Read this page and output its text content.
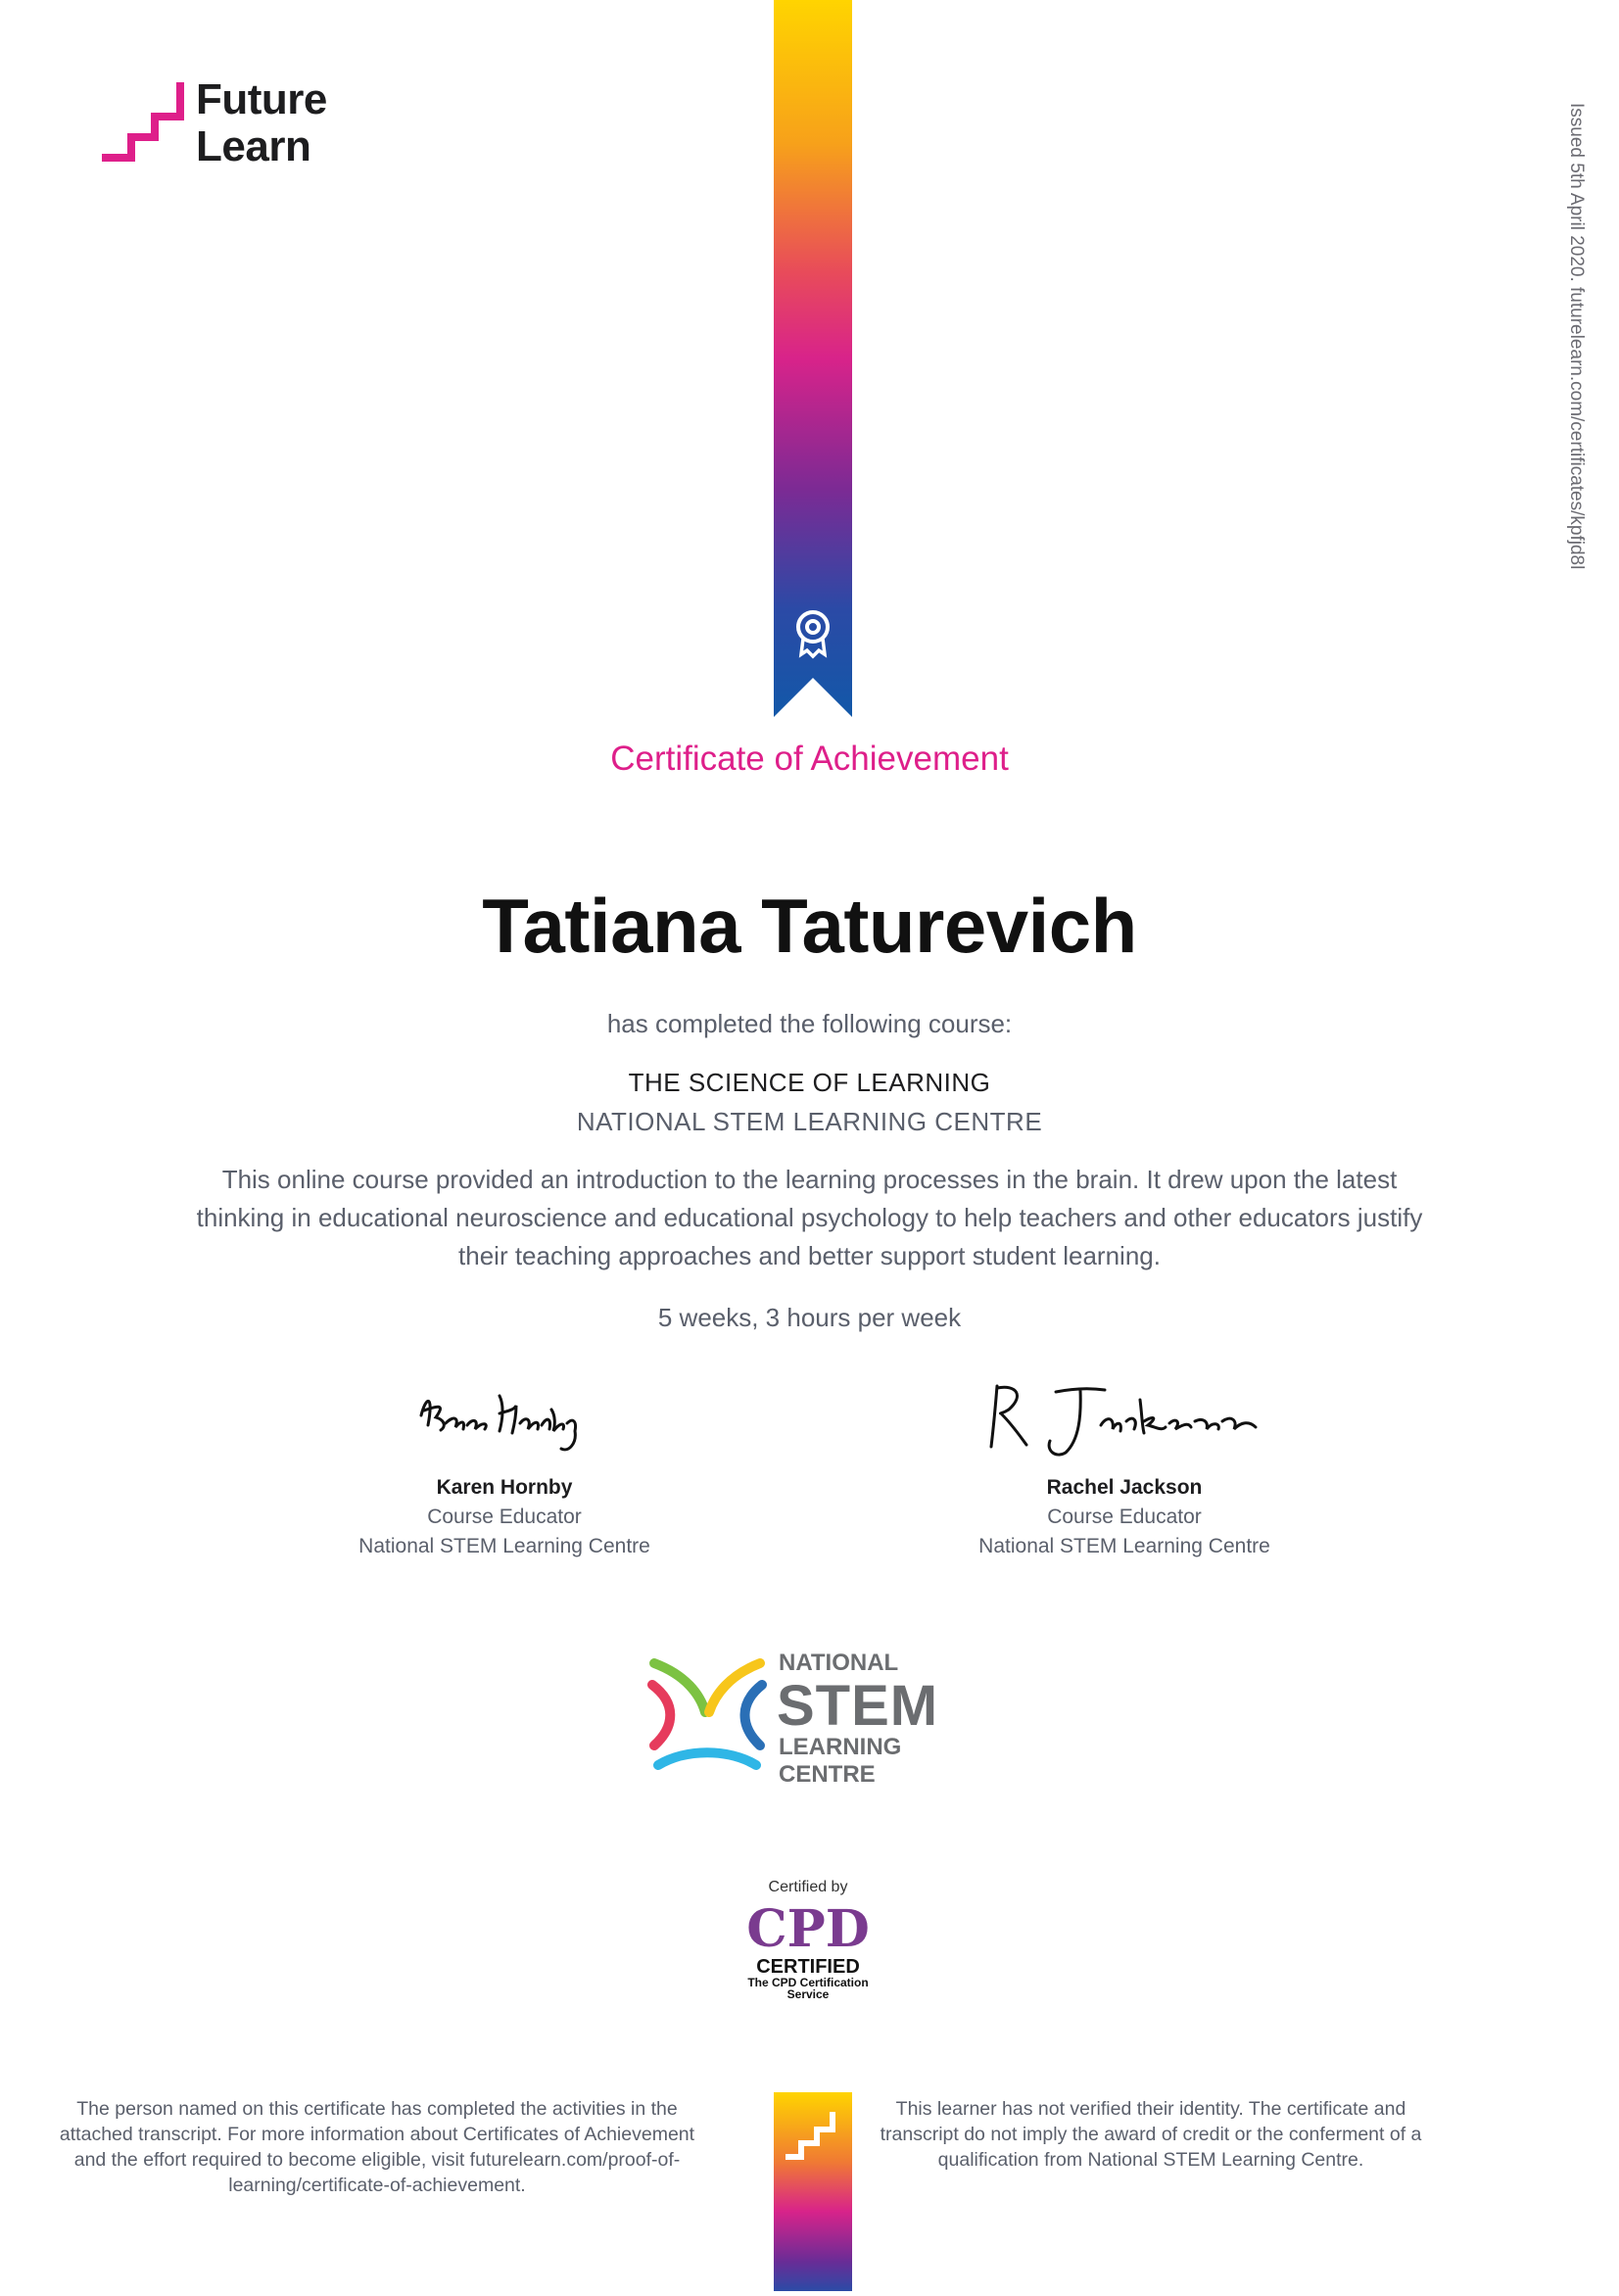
Future
Learn	Issued 5th April 2020. futurelearn.com/certificates/kpfjd8l
Certificate of Achievement
Tatiana Taturevich
has completed the following course:
THE SCIENCE OF LEARNING
NATIONAL STEM LEARNING CENTRE
This online course provided an introduction to the learning processes in the brain. It drew upon the latest thinking in educational neuroscience and educational psychology to help teachers and other educators justify their teaching approaches and better support student learning.
5 weeks, 3 hours per week
Karen Hornby
Course Educator
National STEM Learning Centre
Rachel Jackson
Course Educator
National STEM Learning Centre
NATIONAL
STEM
LEARNING CENTRE
Certified by
CPD
CERTIFIED
The CPD Certification Service
The person named on this certificate has completed the activities in the attached transcript. For more information about Certificates of Achievement and the effort required to become eligible, visit futurelearn.com/proof-of-learning/certificate-of-achievement.
This learner has not verified their identity. The certificate and transcript do not imply the award of credit or the conferment of a qualification from National STEM Learning Centre.
